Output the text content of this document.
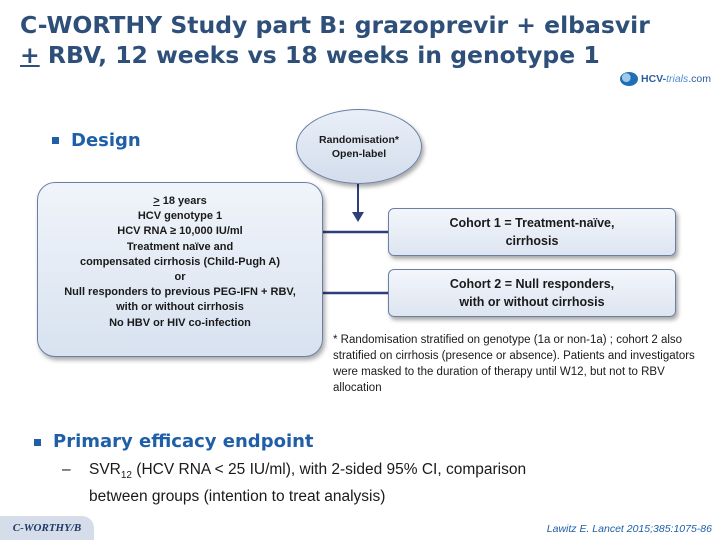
C-WORTHY Study part B: grazoprevir + elbasvir
+ RBV, 12 weeks vs 18 weeks in genotype 1
HCV-trials.com
Design	Randomisation*
Open-label
> 18 years
HCV genotype 1
HCV RNA ≥ 10,000 IU/ml
Treatment naïve and
compensated cirrhosis (Child-Pugh A)
or
Null responders to previous PEG-IFN + RBV,
with or without cirrhosis
No HBV or HIV co-infection
Cohort 1 = Treatment-naïve,
cirrhosis
Cohort 2 = Null responders,
with or without cirrhosis
* Randomisation stratified on genotype (1a or non-1a) ; cohort 2 also stratified on cirrhosis (presence or absence). Patients and investigators were masked to the duration of therapy until W12, but not to RBV allocation
Primary efficacy endpoint
– $SVR_{12}$ (HCV RNA < 25 IU/ml), with 2-sided 95% CI, comparison between groups (intention to treat analysis)
C-WORTHY/B	Lawitz E. Lancet 2015;385:1075-86
